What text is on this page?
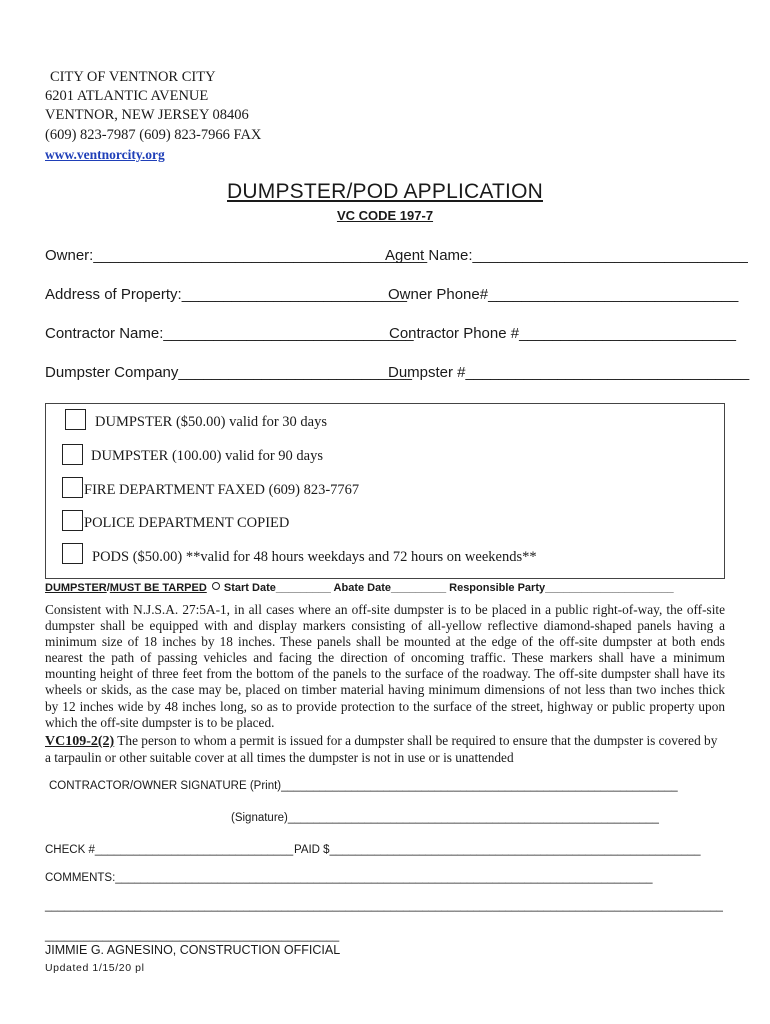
CITY OF VENTNOR CITY
6201 ATLANTIC AVENUE
VENTNOR, NEW JERSEY 08406
(609) 823-7987 (609) 823-7966 FAX
www.ventnorcity.org
DUMPSTER/POD APPLICATION
VC CODE 197-7
Owner:________________________________________
Agent Name:_________________________________
Address of Property:___________________________
Owner Phone#______________________________
Contractor Name:______________________________
Contractor Phone #__________________________
Dumpster Company____________________________
Dumpster #__________________________________
DUMPSTER ($50.00) valid for 30 days
DUMPSTER (100.00) valid for 90 days
FIRE DEPARTMENT FAXED (609) 823-7767
POLICE DEPARTMENT COPIED
PODS ($50.00) **valid for 48 hours weekdays and 72 hours on weekends**
DUMPSTER/MUST BE TARPED  Start Date_________ Abate Date_________ Responsible Party_____________________
Consistent with N.J.S.A. 27:5A-1, in all cases where an off-site dumpster is to be placed in a public right-of-way, the off-site dumpster shall be equipped with and display markers consisting of all-yellow reflective diamond-shaped panels having a minimum size of 18 inches by 18 inches. These panels shall be mounted at the edge of the off-site dumpster at both ends nearest the path of passing vehicles and facing the direction of oncoming traffic. These markers shall have a minimum mounting height of three feet from the bottom of the panels to the surface of the roadway. The off-site dumpster shall have its wheels or skids, as the case may be, placed on timber material having minimum dimensions of not less than two inches thick by 12 inches wide by 48 inches long, so as to provide protection to the surface of the street, highway or public property upon which the off-site dumpster is to be placed.
VC109-2(2) The person to whom a permit is issued for a dumpster shall be required to ensure that the dumpster is covered by a tarpaulin or other suitable cover at all times the dumpster is not in use or is unattended
CONTRACTOR/OWNER SIGNATURE (Print)______________________________________________________________
(Signature)__________________________________________________________
CHECK #_______________________________ PAID $__________________________________________________________
COMMENTS:____________________________________________________________________________________
__________________________________________________________________________________________________________
______________________________________________
JIMMIE G. AGNESINO, CONSTRUCTION OFFICIAL
Updated 1/15/20 pl
